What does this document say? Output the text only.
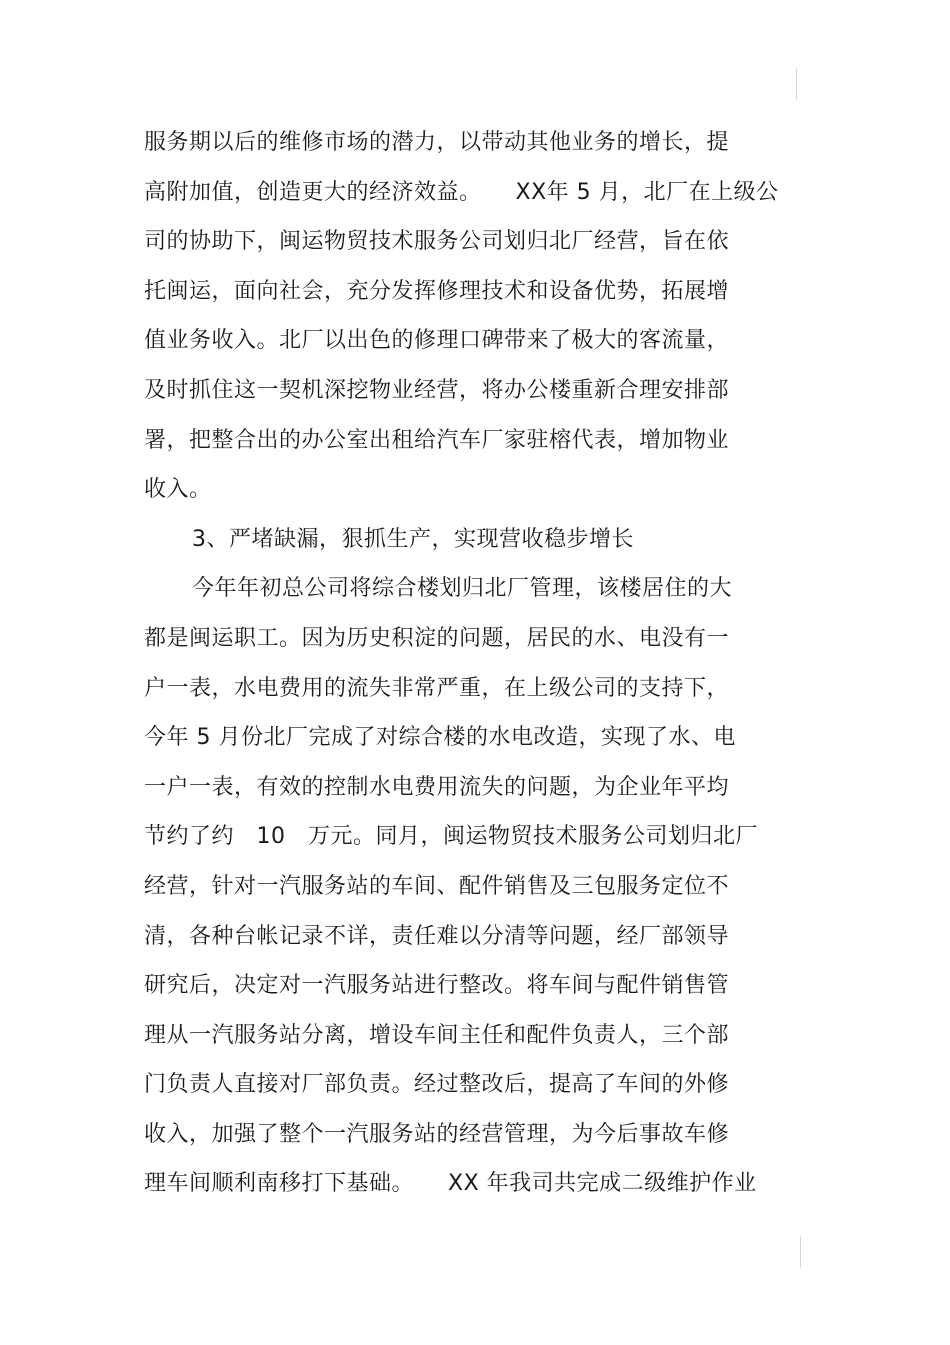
服务期以后的维修市场的潜力，以带动其他业务的增长，提
高附加值，创造更大的经济效益。　　XX年 5 月，北厂在上级公
司的协助下，闽运物贸技术服务公司划归北厂经营，旨在依
托闽运，面向社会，充分发挥修理技术和设备优势，拓展增
值业务收入。北厂以出色的修理口碑带来了极大的客流量，
及时抓住这一契机深挖物业经营，将办公楼重新合理安排部
署，把整合出的办公室出租给汽车厂家驻榕代表，增加物业
收入。
3、严堵缺漏，狠抓生产，实现营收稳步增长
今年年初总公司将综合楼划归北厂管理，该楼居住的大
都是闽运职工。因为历史积淀的问题，居民的水、电没有一
户一表，水电费用的流失非常严重，在上级公司的支持下，
今年 5 月份北厂完成了对综合楼的水电改造，实现了水、电
一户一表，有效的控制水电费用流失的问题，为企业年平均
节约了约　10　万元。同月，闽运物贸技术服务公司划归北厂
经营，针对一汽服务站的车间、配件销售及三包服务定位不
清，各种台帐记录不详，责任难以分清等问题，经厂部领导
研究后，决定对一汽服务站进行整改。将车间与配件销售管
理从一汽服务站分离，增设车间主任和配件负责人，三个部
门负责人直接对厂部负责。经过整改后，提高了车间的外修
收入，加强了整个一汽服务站的经营管理，为今后事故车修
理车间顺利南移打下基础。　　XX 年我司共完成二级维护作业
